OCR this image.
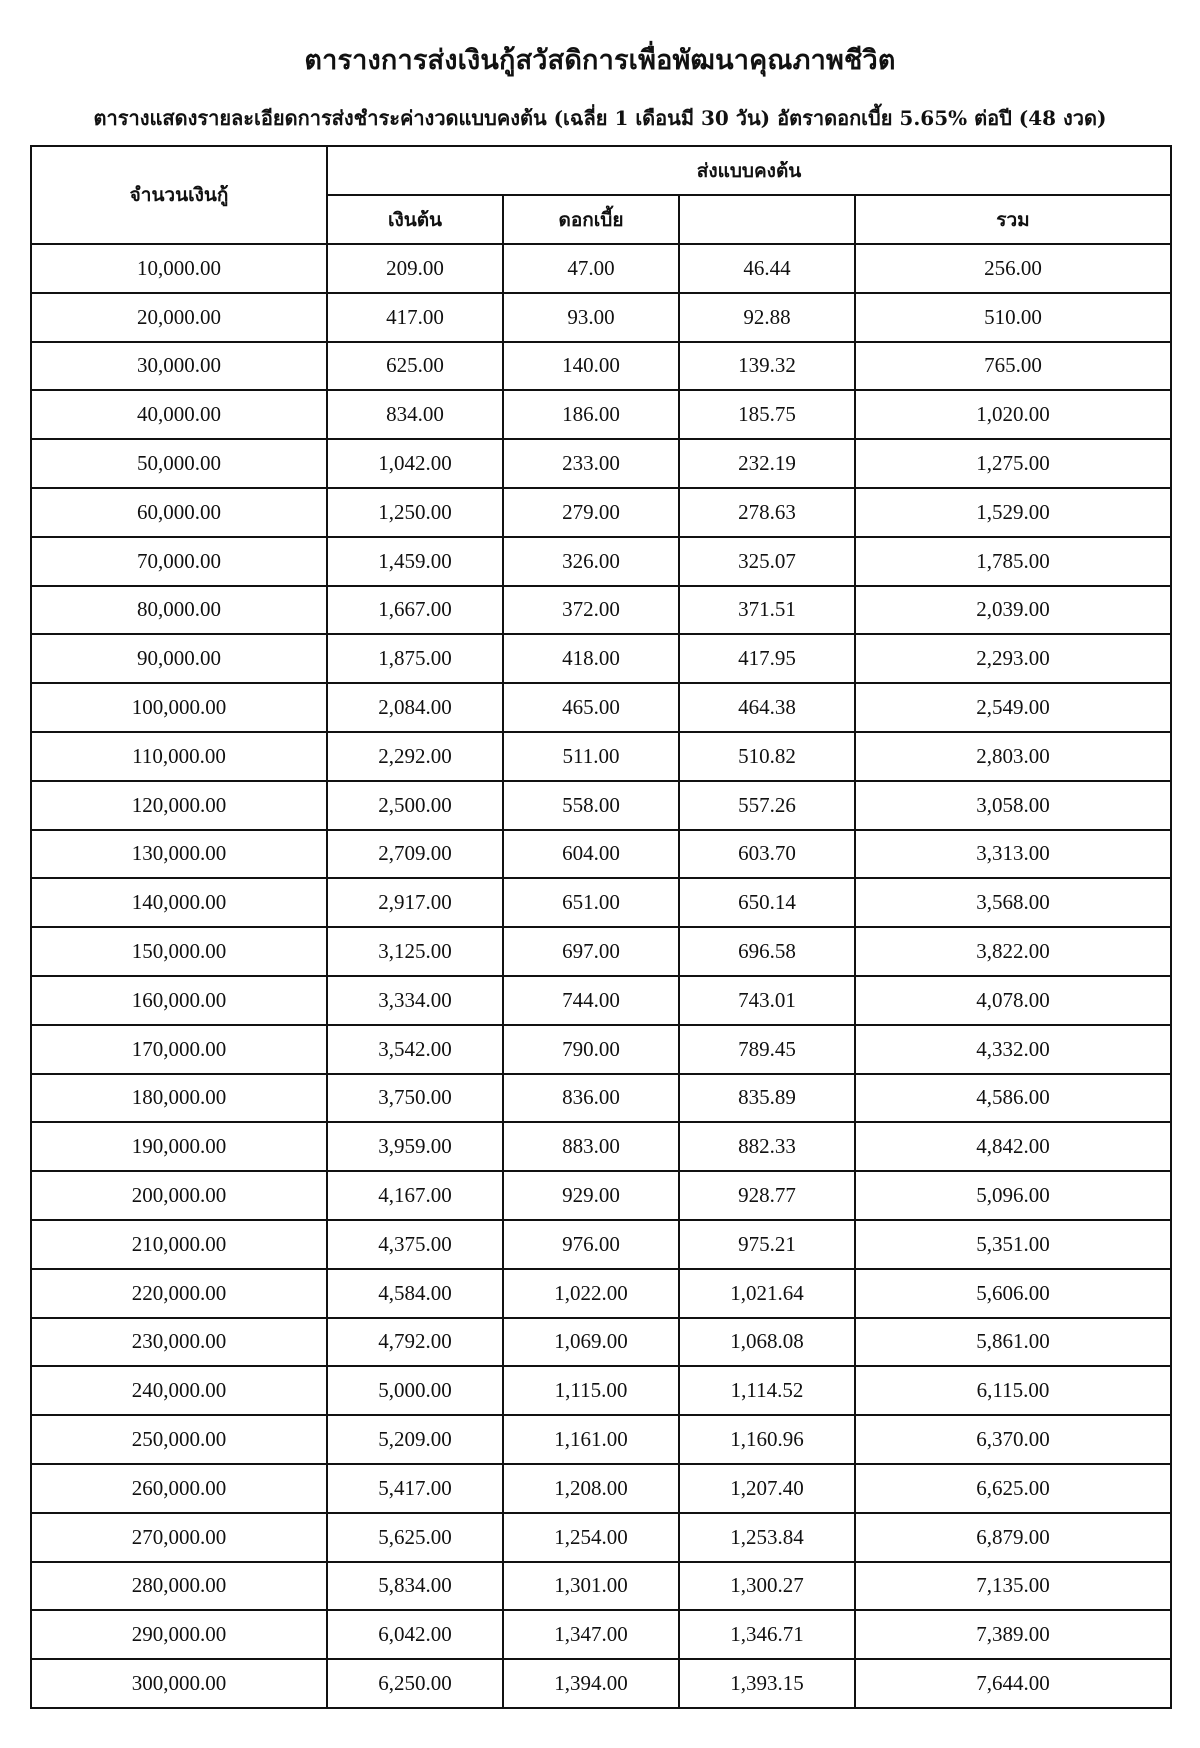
ตารางการส่งเงินกู้สวัสดิการเพื่อพัฒนาคุณภาพชีวิต
ตารางแสดงรายละเอียดการส่งชำระค่างวดแบบคงต้น (เฉลี่ย 1 เดือนมี 30 วัน) อัตราดอกเบี้ย 5.65% ต่อปี (48 งวด)
จำนวนเงินกู้	ส่งแบบคงต้น			
	เงินต้น	ดอกเบี้ย		รวม
10,000.00	209.00	47.00	46.44	256.00
20,000.00	417.00	93.00	92.88	510.00
30,000.00	625.00	140.00	139.32	765.00
40,000.00	834.00	186.00	185.75	1,020.00
50,000.00	1,042.00	233.00	232.19	1,275.00
60,000.00	1,250.00	279.00	278.63	1,529.00
70,000.00	1,459.00	326.00	325.07	1,785.00
80,000.00	1,667.00	372.00	371.51	2,039.00
90,000.00	1,875.00	418.00	417.95	2,293.00
100,000.00	2,084.00	465.00	464.38	2,549.00
110,000.00	2,292.00	511.00	510.82	2,803.00
120,000.00	2,500.00	558.00	557.26	3,058.00
130,000.00	2,709.00	604.00	603.70	3,313.00
140,000.00	2,917.00	651.00	650.14	3,568.00
150,000.00	3,125.00	697.00	696.58	3,822.00
160,000.00	3,334.00	744.00	743.01	4,078.00
170,000.00	3,542.00	790.00	789.45	4,332.00
180,000.00	3,750.00	836.00	835.89	4,586.00
190,000.00	3,959.00	883.00	882.33	4,842.00
200,000.00	4,167.00	929.00	928.77	5,096.00
210,000.00	4,375.00	976.00	975.21	5,351.00
220,000.00	4,584.00	1,022.00	1,021.64	5,606.00
230,000.00	4,792.00	1,069.00	1,068.08	5,861.00
240,000.00	5,000.00	1,115.00	1,114.52	6,115.00
250,000.00	5,209.00	1,161.00	1,160.96	6,370.00
260,000.00	5,417.00	1,208.00	1,207.40	6,625.00
270,000.00	5,625.00	1,254.00	1,253.84	6,879.00
280,000.00	5,834.00	1,301.00	1,300.27	7,135.00
290,000.00	6,042.00	1,347.00	1,346.71	7,389.00
300,000.00	6,250.00	1,394.00	1,393.15	7,644.00
